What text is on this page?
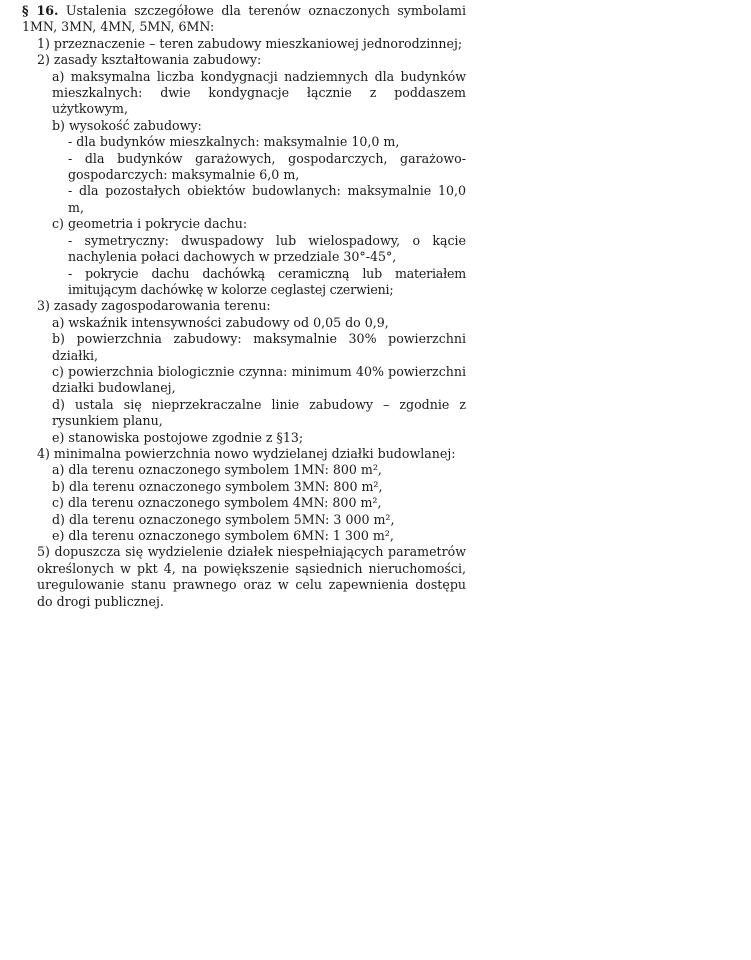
§ 16. Ustalenia szczegółowe dla terenów oznaczonych symbolami 1MN, 3MN, 4MN, 5MN, 6MN:

1) przeznaczenie – teren zabudowy mieszkaniowej jednorodzinnej;

2) zasady kształtowania zabudowy:

a) maksymalna liczba kondygnacji nadziemnych dla budynków mieszkalnych: dwie kondygnacje łącznie z poddaszem użytkowym,

b) wysokość zabudowy:

- dla budynków mieszkalnych: maksymalnie 10,0 m,

- dla budynków garażowych, gospodarczych, garażowo-gospodarczych: maksymalnie 6,0 m,

- dla pozostałych obiektów budowlanych: maksymalnie 10,0 m,

c) geometria i pokrycie dachu:

- symetryczny: dwuspadowy lub wielospadowy, o kącie nachylenia połaci dachowych w przedziale 30°-45°,

- pokrycie dachu dachówką ceramiczną lub materiałem imitującym dachówkę w kolorze ceglastej czerwieni;

3) zasady zagospodarowania terenu:

a) wskaźnik intensywności zabudowy od 0,05 do 0,9,

b) powierzchnia zabudowy: maksymalnie 30% powierzchni działki,

c) powierzchnia biologicznie czynna: minimum 40% powierzchni działki budowlanej,

d) ustala się nieprzekraczalne linie zabudowy – zgodnie z rysunkiem planu,

e) stanowiska postojowe zgodnie z §13;

4) minimalna powierzchnia nowo wydzielanej działki budowlanej:

a) dla terenu oznaczonego symbolem 1MN: 800 m²,

b) dla terenu oznaczonego symbolem 3MN: 800 m²,

c) dla terenu oznaczonego symbolem 4MN: 800 m²,

d) dla terenu oznaczonego symbolem 5MN: 3 000 m²,

e) dla terenu oznaczonego symbolem 6MN: 1 300 m²,

5) dopuszcza się wydzielenie działek niespełniających parametrów określonych w pkt 4, na powiększenie sąsiednich nieruchomości, uregulowanie stanu prawnego oraz w celu zapewnienia dostępu do drogi publicznej.
